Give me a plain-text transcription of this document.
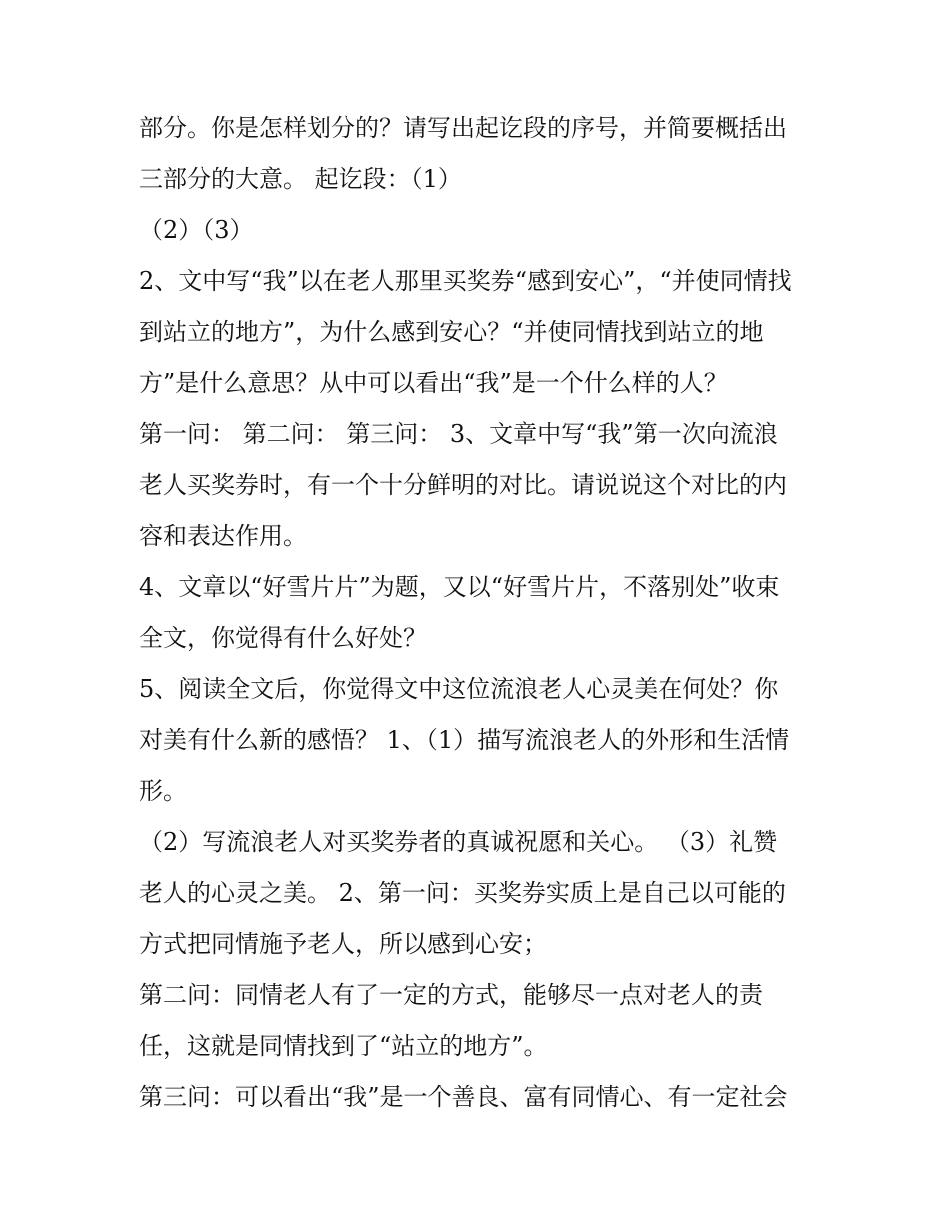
部分。你是怎样划分的？请写出起讫段的序号，并简要概括出
三部分的大意。 起讫段：（1）
（2）（3）
2、文中写“我”以在老人那里买奖券“感到安心”，“并使同情找
到站立的地方”，为什么感到安心？“并使同情找到站立的地
方”是什么意思？从中可以看出“我”是一个什么样的人？
第一问： 第二问： 第三问： 3、文章中写“我”第一次向流浪
老人买奖券时，有一个十分鲜明的对比。请说说这个对比的内
容和表达作用。
4、文章以“好雪片片”为题，又以“好雪片片，不落别处”收束
全文，你觉得有什么好处？
5、阅读全文后，你觉得文中这位流浪老人心灵美在何处？你
对美有什么新的感悟？ 1、（1）描写流浪老人的外形和生活情
形。
（2）写流浪老人对买奖券者的真诚祝愿和关心。 （3）礼赞
老人的心灵之美。 2、第一问：买奖券实质上是自己以可能的
方式把同情施予老人，所以感到心安；
第二问：同情老人有了一定的方式，能够尽一点对老人的责
任，这就是同情找到了“站立的地方”。
第三问：可以看出“我”是一个善良、富有同情心、有一定社会
